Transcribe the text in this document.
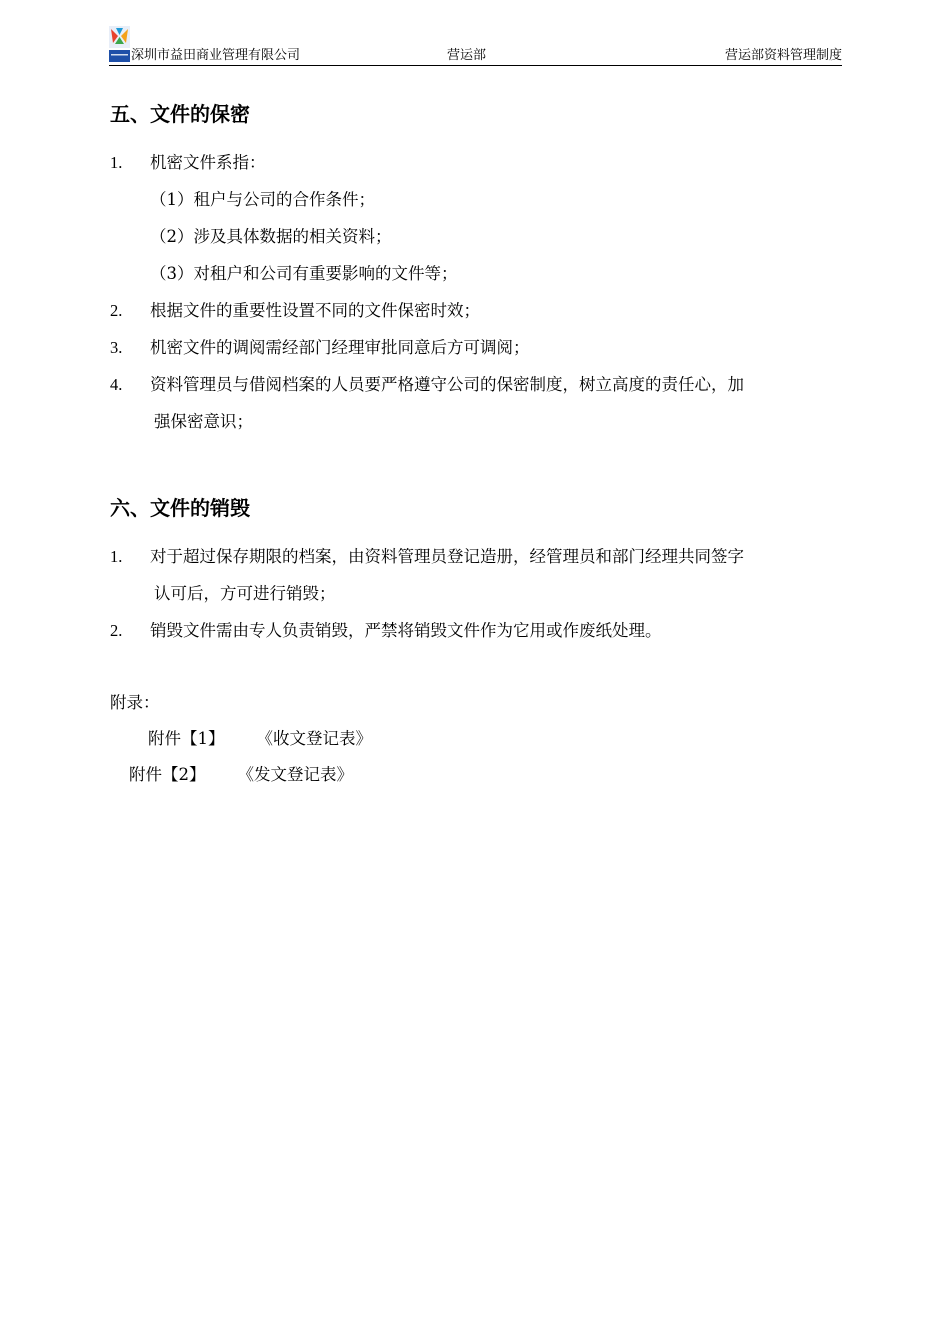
深圳市益田商业管理有限公司	营运部	营运部资料管理制度
五、文件的保密
1.	机密文件系指：
（1）租户与公司的合作条件；
（2）涉及具体数据的相关资料；
（3）对租户和公司有重要影响的文件等；
2.	根据文件的重要性设置不同的文件保密时效；
3.	机密文件的调阅需经部门经理审批同意后方可调阅；
4.	资料管理员与借阅档案的人员要严格遵守公司的保密制度，树立高度的责任心，加
强保密意识；
六、文件的销毁
1.	对于超过保存期限的档案，由资料管理员登记造册，经管理员和部门经理共同签字
认可后，方可进行销毁；
2.	销毁文件需由专人负责销毁，严禁将销毁文件作为它用或作废纸处理。
附录：
附件【1】 《收文登记表》
附件【2】 《发文登记表》
